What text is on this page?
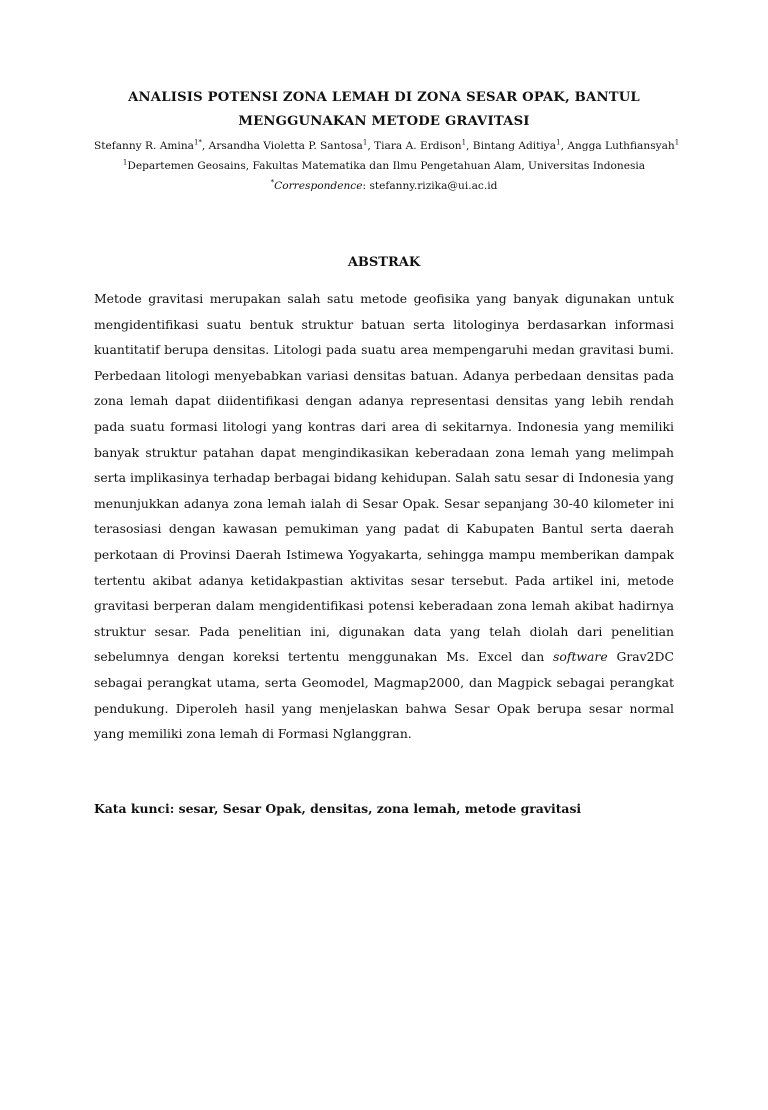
ANALISIS POTENSI ZONA LEMAH DI ZONA SESAR OPAK, BANTUL
MENGGUNAKAN METODE GRAVITASI
Stefanny R. Amina$^{1*}$, Arsandha Violetta P. Santosa$^1$, Tiara A. Erdison$^1$, Bintang Aditiya$^1$, Angga Luthfiansyah$^1$
$^1$Departemen Geosains, Fakultas Matematika dan Ilmu Pengetahuan Alam, Universitas Indonesia
*Correspondence: stefanny.rizika@ui.ac.id
ABSTRAK
Metode gravitasi merupakan salah satu metode geofisika yang banyak digunakan untuk mengidentifikasi suatu bentuk struktur batuan serta litologinya berdasarkan informasi kuantitatif berupa densitas. Litologi pada suatu area mempengaruhi medan gravitasi bumi. Perbedaan litologi menyebabkan variasi densitas batuan. Adanya perbedaan densitas pada zona lemah dapat diidentifikasi dengan adanya representasi densitas yang lebih rendah pada suatu formasi litologi yang kontras dari area di sekitarnya. Indonesia yang memiliki banyak struktur patahan dapat mengindikasikan keberadaan zona lemah yang melimpah serta implikasinya terhadap berbagai bidang kehidupan. Salah satu sesar di Indonesia yang menunjukkan adanya zona lemah ialah di Sesar Opak. Sesar sepanjang 30-40 kilometer ini terasosiasi dengan kawasan pemukiman yang padat di Kabupaten Bantul serta daerah perkotaan di Provinsi Daerah Istimewa Yogyakarta, sehingga mampu memberikan dampak tertentu akibat adanya ketidakpastian aktivitas sesar tersebut. Pada artikel ini, metode gravitasi berperan dalam mengidentifikasi potensi keberadaan zona lemah akibat hadirnya struktur sesar. Pada penelitian ini, digunakan data yang telah diolah dari penelitian sebelumnya dengan koreksi tertentu menggunakan Ms. Excel dan software Grav2DC sebagai perangkat utama, serta Geomodel, Magmap2000, dan Magpick sebagai perangkat pendukung. Diperoleh hasil yang menjelaskan bahwa Sesar Opak berupa sesar normal yang memiliki zona lemah di Formasi Nglanggran.
Kata kunci: sesar, Sesar Opak, densitas, zona lemah, metode gravitasi
